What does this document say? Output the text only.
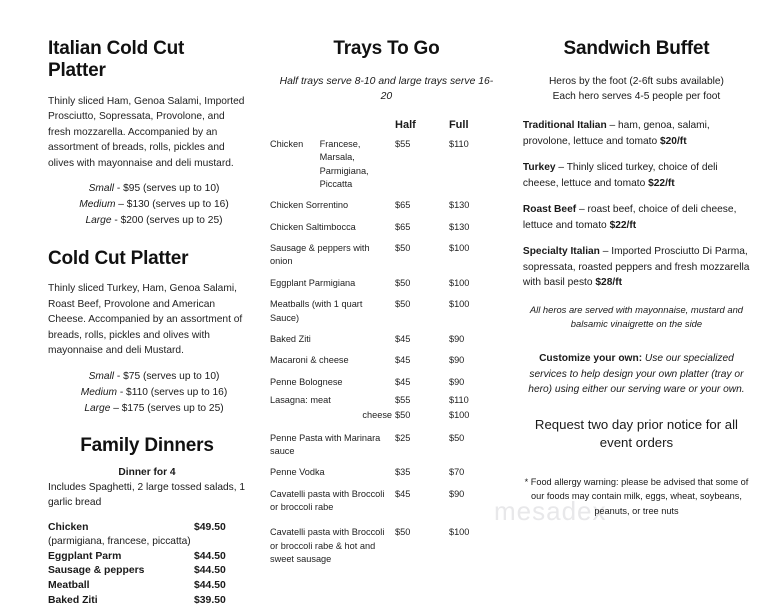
Italian Cold Cut Platter

Thinly sliced Ham, Genoa Salami, Imported Prosciutto, Sopressata, Provolone, and fresh mozzarella. Accompanied by an assortment of breads, rolls, pickles and olives with mayonnaise and deli mustard.

Small - $95 (serves up to 10)
Medium – $130 (serves up to 16)
Large - $200 (serves up to 25)
Cold Cut Platter

Thinly sliced Turkey, Ham, Genoa Salami, Roast Beef, Provolone and American Cheese. Accompanied by an assortment of breads, rolls, pickles and olives with mayonnaise and deli Mustard.

Small - $75 (serves up to 10)
Medium - $110 (serves up to 16)
Large – $175 (serves up to 25)
Family Dinners
Dinner for 4

Includes Spaghetti, 2 large tossed salads, 1 garlic bread

Chicken	$49.50
(parmigiana, francese, piccatta)
Eggplant Parm	$44.50
Sausage & peppers	$44.50
Meatball	$44.50
Baked Ziti	$39.50
Trays To Go

Half trays serve 8-10 and large trays serve 16-20

		Half	Full
Chicken	Francese, Marsala, Parmigiana, Piccatta	$55	$110
Chicken Sorrentino		$65	$130
Chicken Saltimbocca		$65	$130
Sausage & peppers with onion		$50	$100
Eggplant Parmigiana		$50	$100
Meatballs (with 1 quart Sauce)		$50	$100
Baked Ziti		$45	$90
Macaroni & cheese		$45	$90
Penne Bolognese		$45	$90
Lasagna: meat		$55	$110
cheese		$50	$100
Penne Pasta with Marinara sauce		$25	$50
Penne Vodka		$35	$70
Cavatelli pasta with Broccoli or broccoli rabe		$45	$90
Cavatelli pasta with Broccoli or broccoli rabe & hot and sweet sausage		$50	$100
Sandwich Buffet
Heros by the foot (2-6ft subs available)
Each hero serves 4-5 people per foot

Traditional Italian – ham, genoa, salami, provolone, lettuce and tomato $20/ft

Turkey – Thinly sliced turkey, choice of deli cheese, lettuce and tomato $22/ft

Roast Beef – roast beef, choice of deli cheese, lettuce and tomato $22/ft

Specialty Italian – Imported Prosciutto Di Parma, sopressata, roasted peppers and fresh mozzarella with basil pesto $28/ft

All heros are served with mayonnaise, mustard and balsamic vinaigrette on the side

Customize your own: Use our specialized services to help design your own platter (tray or hero) using either our serving ware or your own.

Request two day prior notice for all event orders

* Food allergy warning: please be advised that some of our foods may contain milk, eggs, wheat, soybeans, peanuts, or tree nuts

mesadex
